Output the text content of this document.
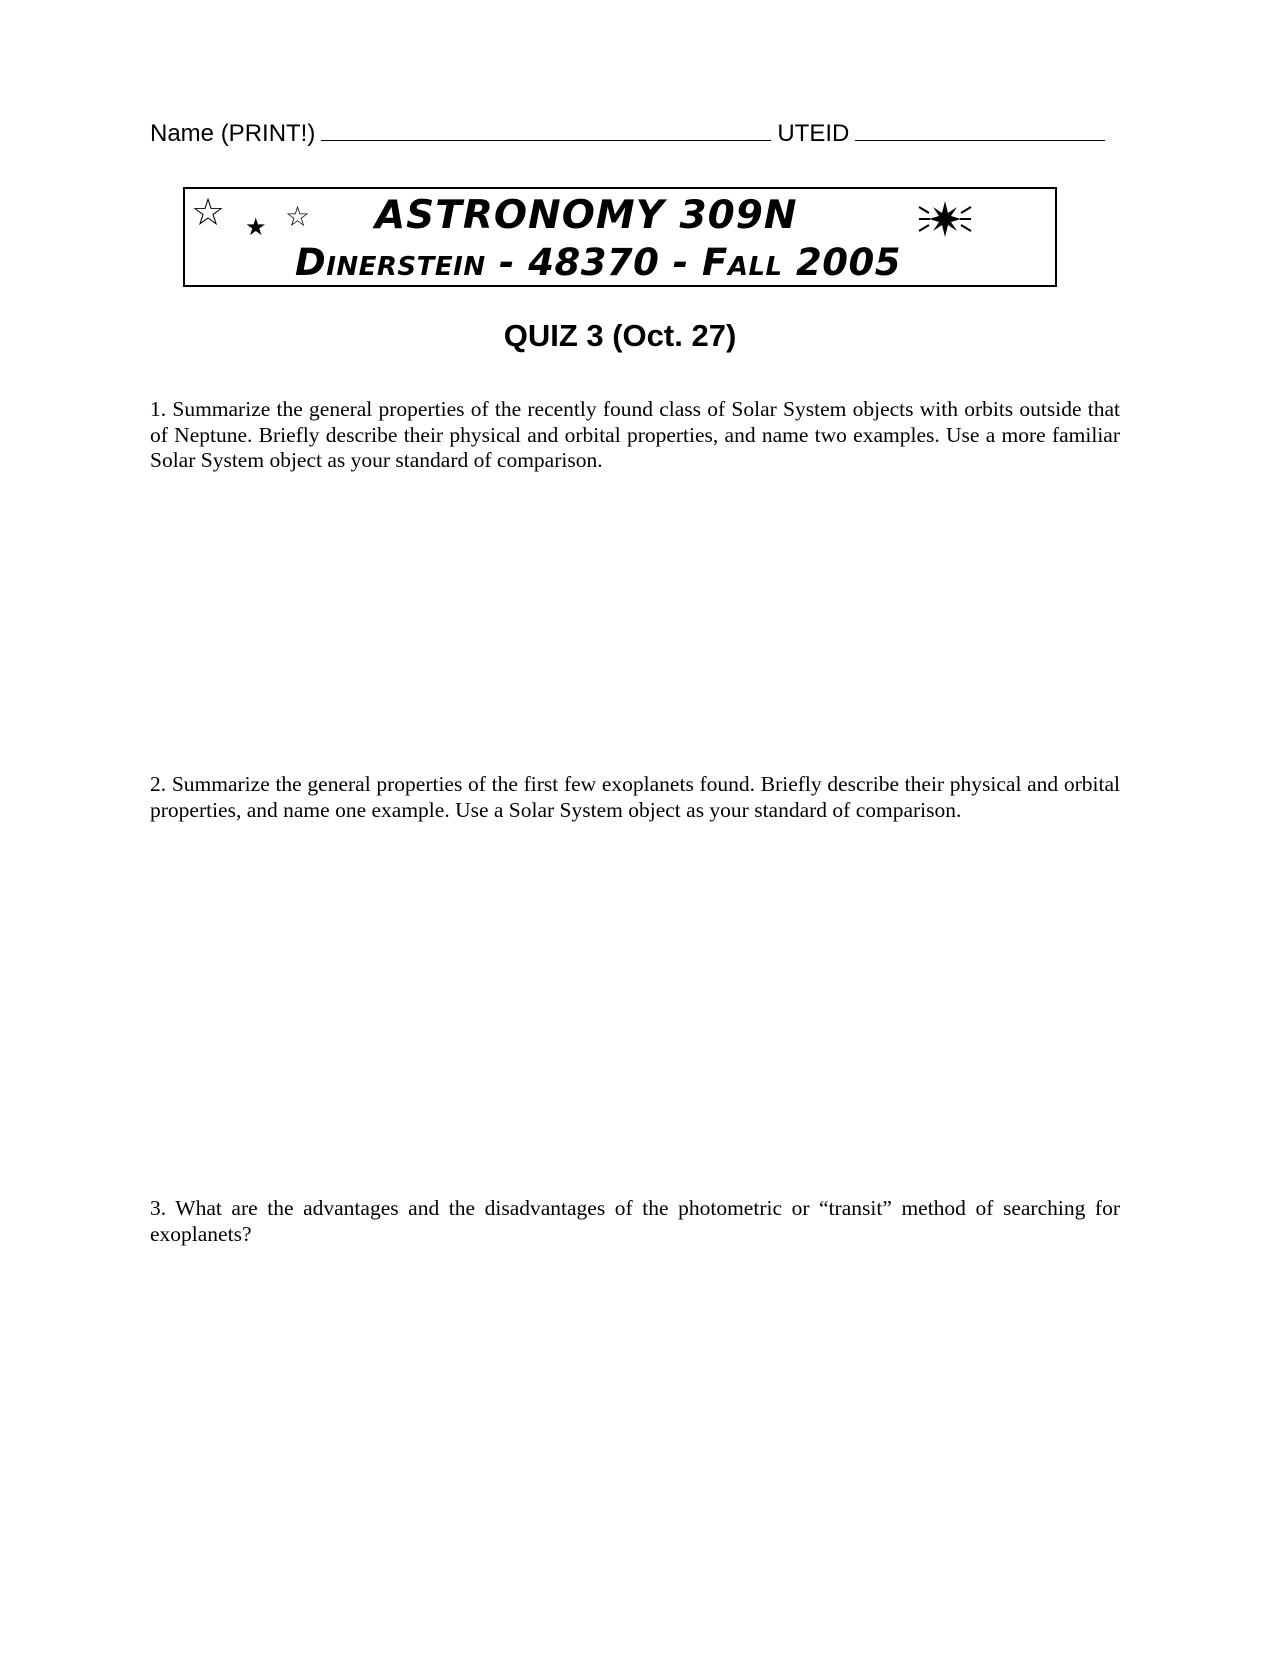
Name (PRINT!)	UTEID
☆ ★ ☆ ASTRONOMY 309N
Dinerstein - 48370 - Fall 2005
QUIZ 3 (Oct. 27)
1. Summarize the general properties of the recently found class of Solar System objects with orbits outside that of Neptune. Briefly describe their physical and orbital properties, and name two examples. Use a more familiar Solar System object as your standard of comparison.
2. Summarize the general properties of the first few exoplanets found. Briefly describe their physical and orbital properties, and name one example. Use a Solar System object as your standard of comparison.
3. What are the advantages and the disadvantages of the photometric or “transit” method of searching for exoplanets?
